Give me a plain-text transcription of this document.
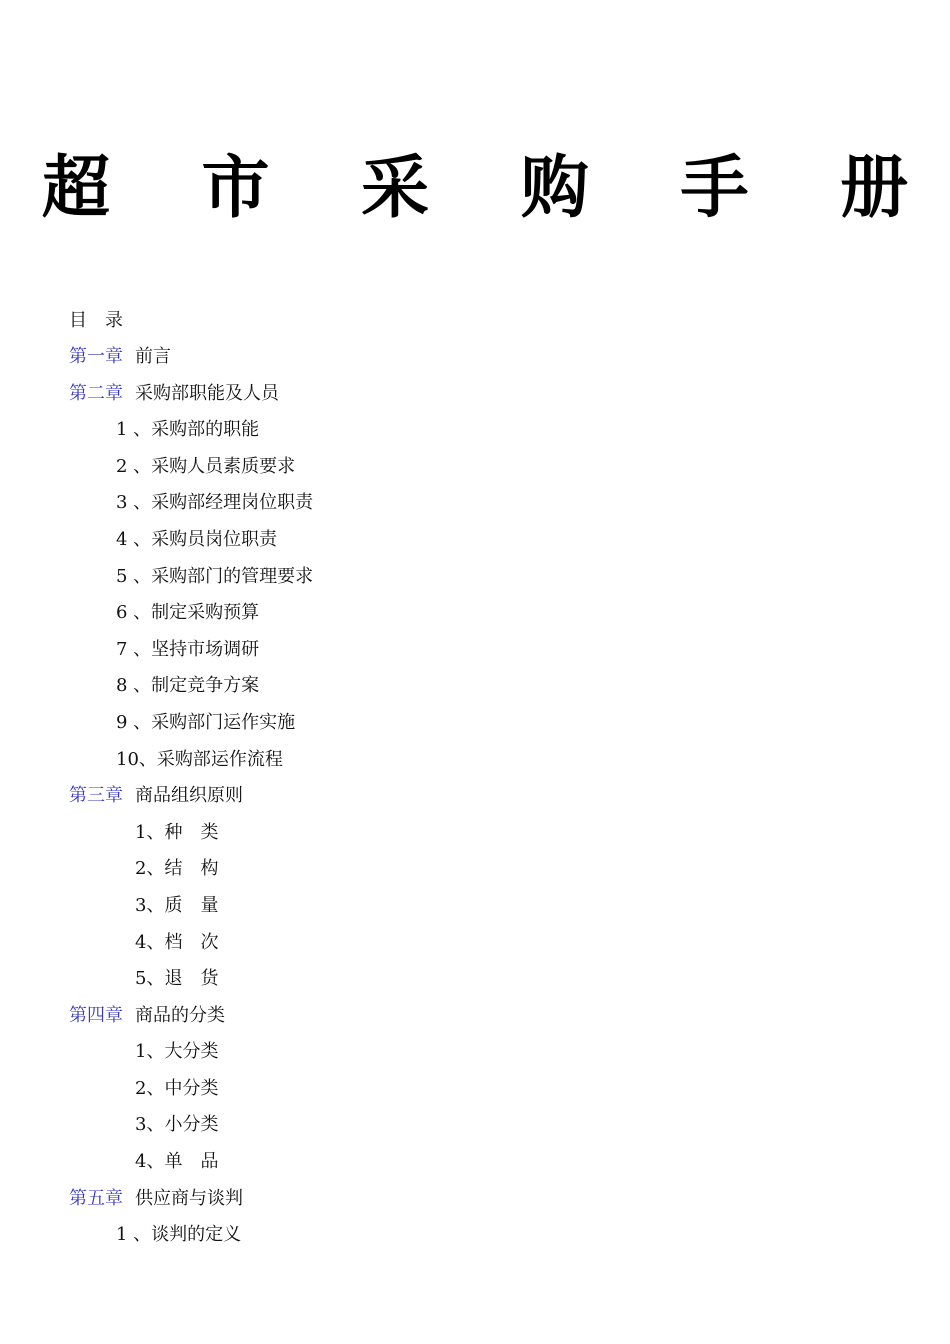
超 市 采 购 手 册
目　录
第一章 前言
第二章 采购部职能及人员
1 、采购部的职能
2 、采购人员素质要求
3 、采购部经理岗位职责
4 、采购员岗位职责
5 、采购部门的管理要求
6 、制定采购预算
7 、坚持市场调研
8 、制定竞争方案
9 、采购部门运作实施
10、采购部运作流程
第三章 商品组织原则
1、种　类
2、结　构
3、质　量
4、档　次
5、退　货
第四章 商品的分类
1、大分类
2、中分类
3、小分类
4、单　品
第五章 供应商与谈判
1 、谈判的定义
